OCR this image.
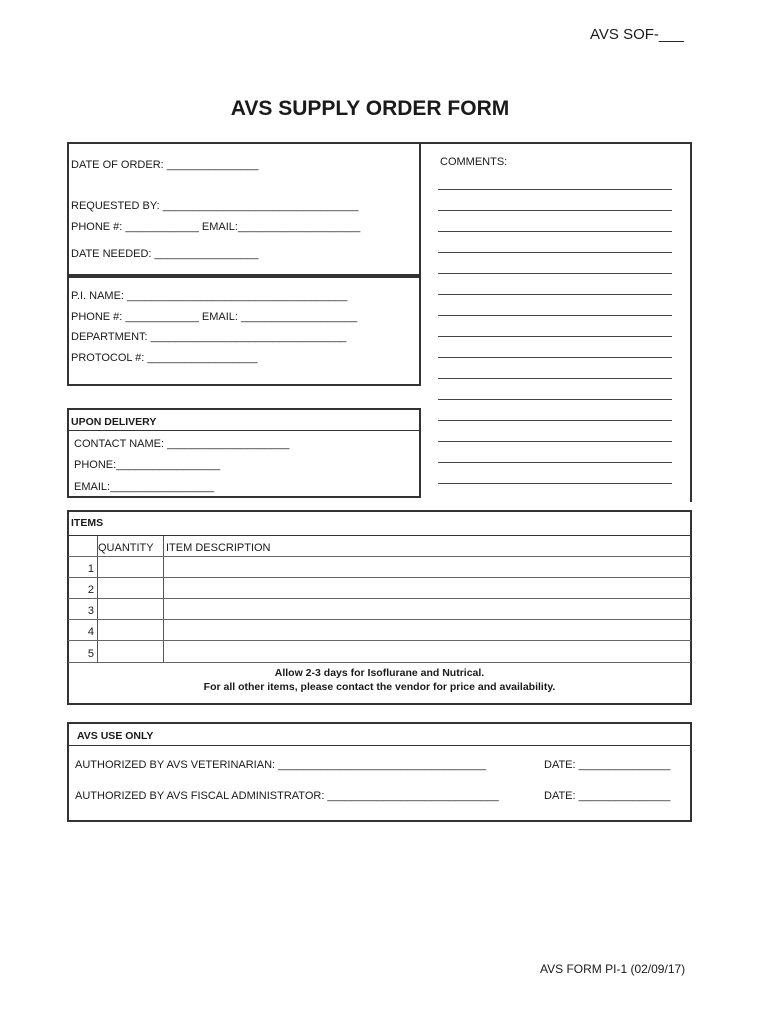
AVS SOF-___
AVS SUPPLY ORDER FORM
DATE OF ORDER: _______________
REQUESTED BY: ________________________________
PHONE #: ____________ EMAIL:____________________
DATE NEEDED: _________________
P.I. NAME: ____________________________________
PHONE #: ____________ EMAIL: ___________________
DEPARTMENT: ________________________________
PROTOCOL #: __________________
COMMENTS:
UPON DELIVERY
CONTACT NAME: ____________________
PHONE:_________________
EMAIL:_________________
ITEMS
QUANTITY ITEM DESCRIPTION
1
2
3
4
5
Allow 2-3 days for Isoflurane and Nutrical.
For all other items, please contact the vendor for price and availability.
AVS USE ONLY
AUTHORIZED BY AVS VETERINARIAN: __________________________________	DATE: _______________
AUTHORIZED BY AVS FISCAL ADMINISTRATOR: ____________________________	DATE: _______________
AVS FORM PI-1 (02/09/17)
